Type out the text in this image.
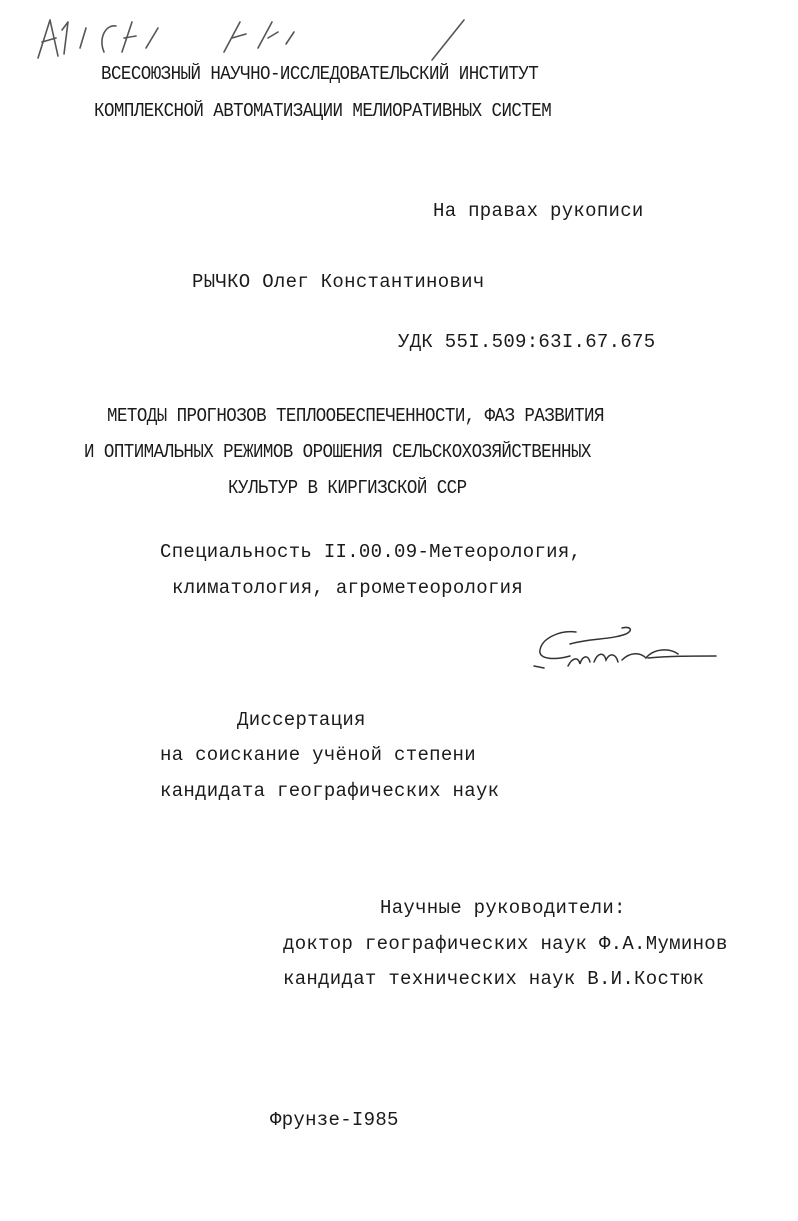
ВСЕСОЮЗНЫЙ НАУЧНО-ИССЛЕДОВАТЕЛЬСКИЙ ИНСТИТУТ
КОМПЛЕКСНОЙ АВТОМАТИЗАЦИИ МЕЛИОРАТИВНЫХ СИСТЕМ
На правах рукописи
РЫЧКО Олег Константинович
УДК 55I.509:63I.67.675
МЕТОДЫ ПРОГНОЗОВ ТЕПЛООБЕСПЕЧЕННОСТИ, ФАЗ РАЗВИТИЯ
И ОПТИМАЛЬНЫХ РЕЖИМОВ ОРОШЕНИЯ СЕЛЬСКОХОЗЯЙСТВЕННЫХ
КУЛЬТУР В КИРГИЗСКОЙ ССР
Специальность II.00.09-Метеорология,
климатология, агрометеорология
Диссертация
на соискание учёной степени
кандидата географических наук
Научные руководители:
доктор географических наук Ф.А.Муминов
кандидат технических наук В.И.Костюк
Фрунзе-I985
